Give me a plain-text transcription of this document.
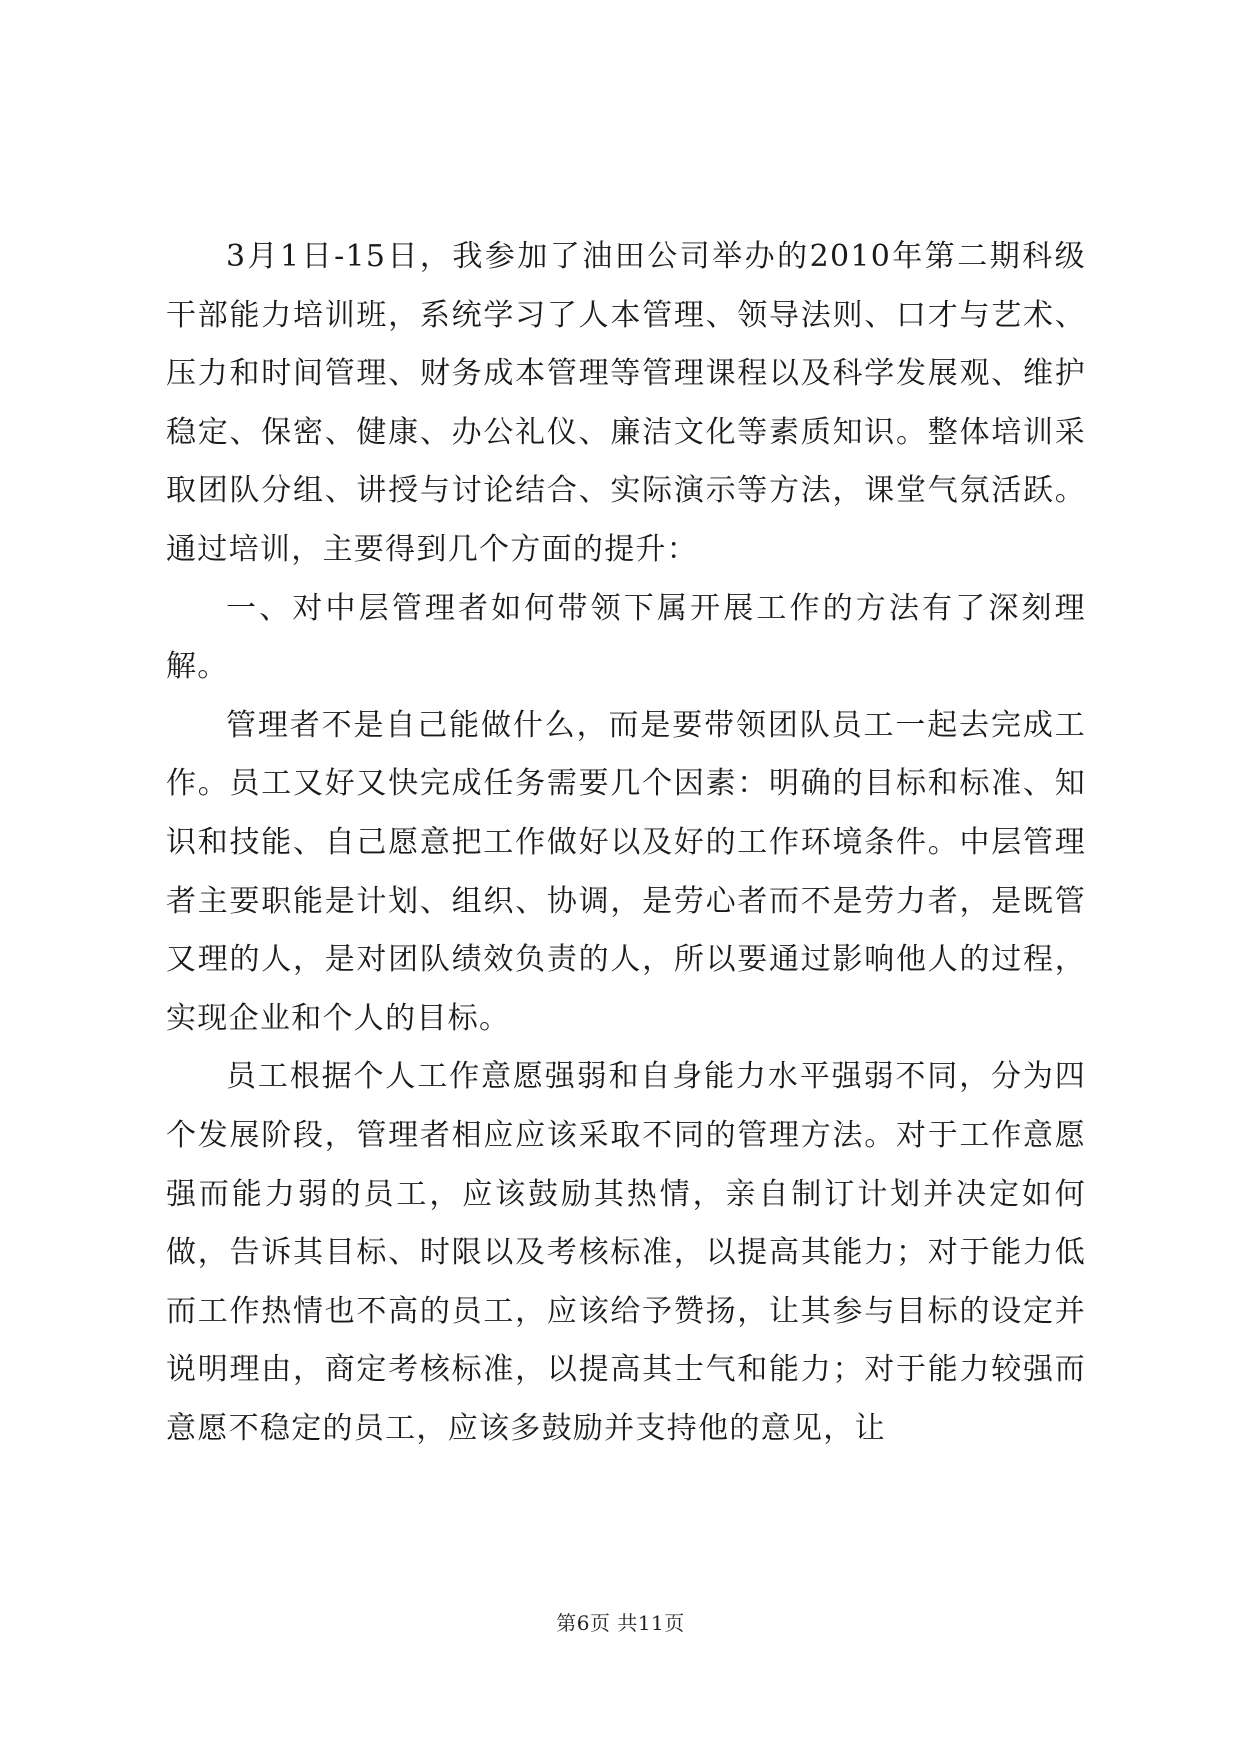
3月1日-15日，我参加了油田公司举办的2010年第二期科级干部能力培训班，系统学习了人本管理、领导法则、口才与艺术、压力和时间管理、财务成本管理等管理课程以及科学发展观、维护稳定、保密、健康、办公礼仪、廉洁文化等素质知识。整体培训采取团队分组、讲授与讨论结合、实际演示等方法，课堂气氛活跃。通过培训，主要得到几个方面的提升：

一、对中层管理者如何带领下属开展工作的方法有了深刻理解。

管理者不是自己能做什么，而是要带领团队员工一起去完成工作。员工又好又快完成任务需要几个因素：明确的目标和标准、知识和技能、自己愿意把工作做好以及好的工作环境条件。中层管理者主要职能是计划、组织、协调，是劳心者而不是劳力者，是既管又理的人，是对团队绩效负责的人，所以要通过影响他人的过程，实现企业和个人的目标。

员工根据个人工作意愿强弱和自身能力水平强弱不同，分为四个发展阶段，管理者相应应该采取不同的管理方法。对于工作意愿强而能力弱的员工，应该鼓励其热情，亲自制订计划并决定如何做，告诉其目标、时限以及考核标准，以提高其能力；对于能力低而工作热情也不高的员工，应该给予赞扬，让其参与目标的设定并说明理由，商定考核标准，以提高其士气和能力；对于能力较强而意愿不稳定的员工，应该多鼓励并支持他的意见，让

第6页 共11页
